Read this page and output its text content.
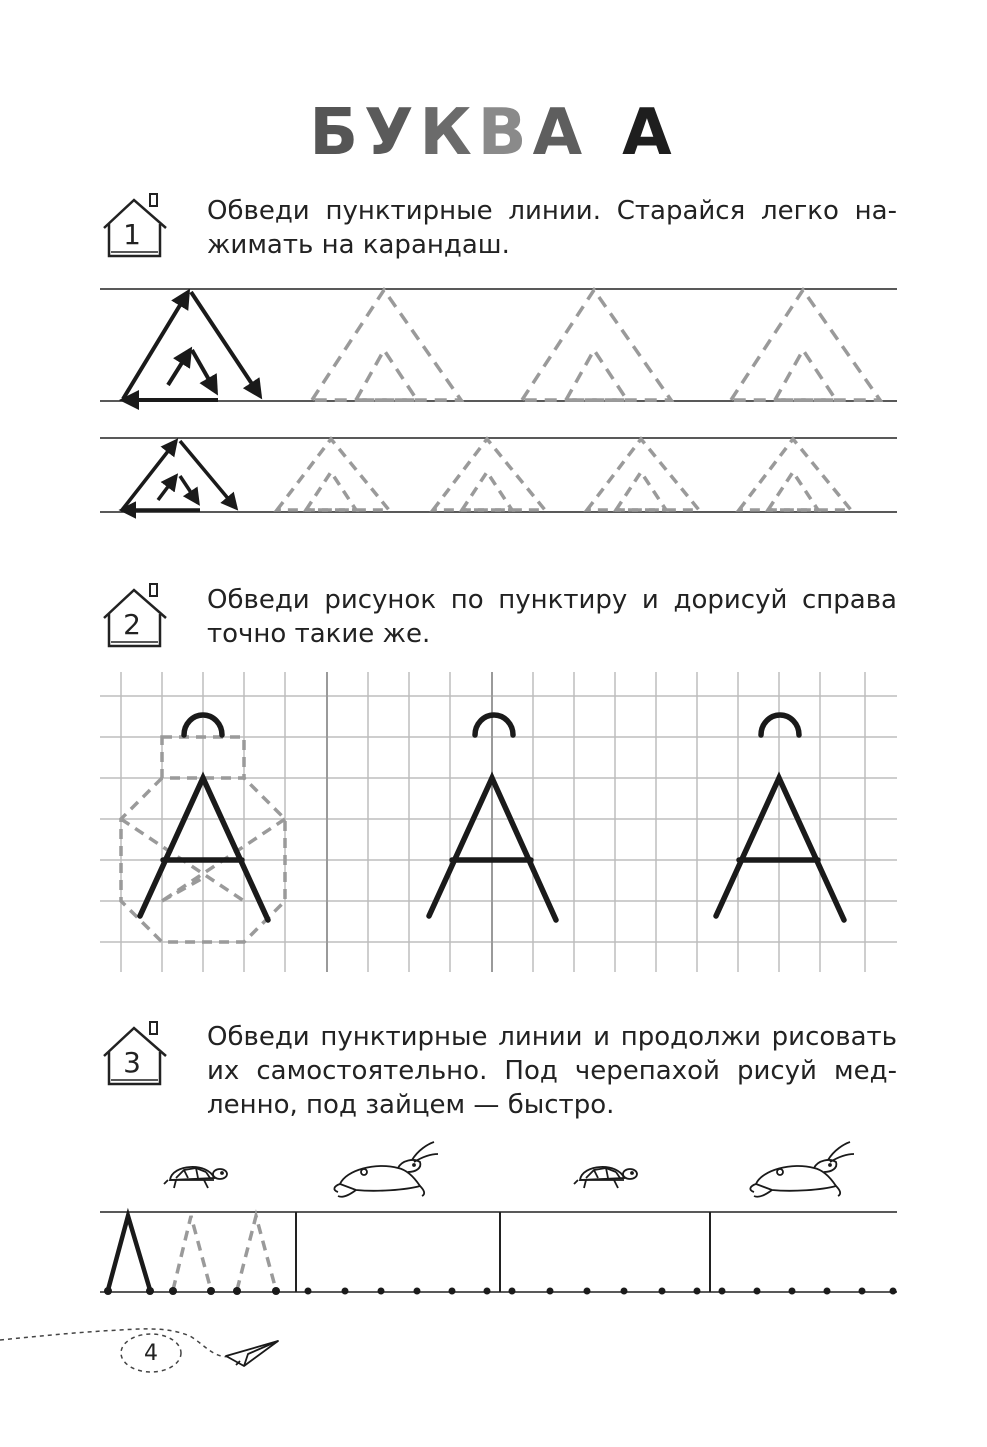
БУКВА А
1
2
3
Обведи пунктирные линии. Старайся легко нажимать на карандаш.
Обведи рисунок по пунктиру и дорисуй справа точно такие же.
Обведи пунктирные линии и продолжи рисовать их самостоятельно. Под черепахой рисуй медленно, под зайцем — быстро.
4
